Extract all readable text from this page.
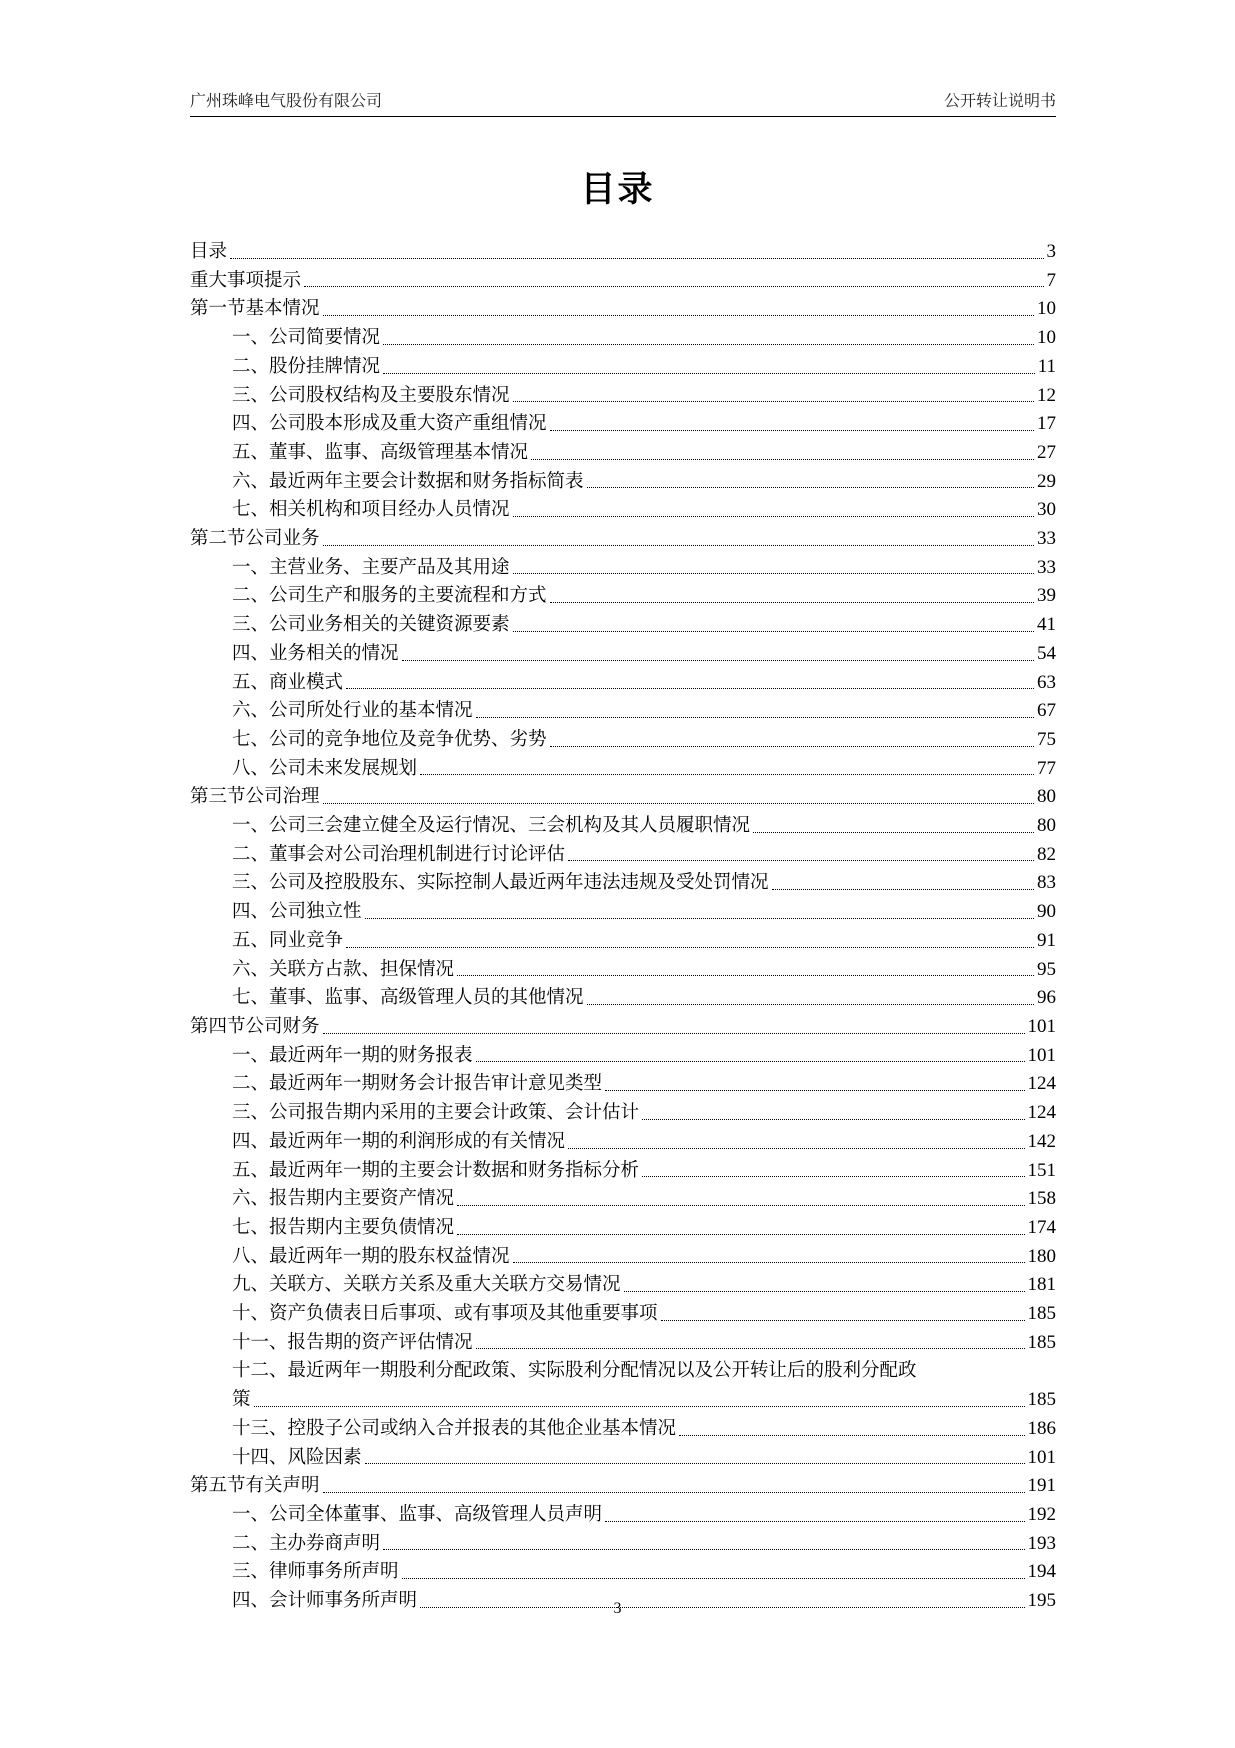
广州珠峰电气股份有限公司	公开转让说明书
目录
目录	3
重大事项提示	7
第一节基本情况	10
一、公司简要情况	10
二、股份挂牌情况	11
三、公司股权结构及主要股东情况	12
四、公司股本形成及重大资产重组情况	17
五、董事、监事、高级管理基本情况	27
六、最近两年主要会计数据和财务指标简表	29
七、相关机构和项目经办人员情况	30
第二节公司业务	33
一、主营业务、主要产品及其用途	33
二、公司生产和服务的主要流程和方式	39
三、公司业务相关的关键资源要素	41
四、业务相关的情况	54
五、商业模式	63
六、公司所处行业的基本情况	67
七、公司的竞争地位及竞争优势、劣势	75
八、公司未来发展规划	77
第三节公司治理	80
一、公司三会建立健全及运行情况、三会机构及其人员履职情况	80
二、董事会对公司治理机制进行讨论评估	82
三、公司及控股股东、实际控制人最近两年违法违规及受处罚情况	83
四、公司独立性	90
五、同业竞争	91
六、关联方占款、担保情况	95
七、董事、监事、高级管理人员的其他情况	96
第四节公司财务	101
一、最近两年一期的财务报表	101
二、最近两年一期财务会计报告审计意见类型	124
三、公司报告期内采用的主要会计政策、会计估计	124
四、最近两年一期的利润形成的有关情况	142
五、最近两年一期的主要会计数据和财务指标分析	151
六、报告期内主要资产情况	158
七、报告期内主要负债情况	174
八、最近两年一期的股东权益情况	180
九、关联方、关联方关系及重大关联方交易情况	181
十、资产负债表日后事项、或有事项及其他重要事项	185
十一、报告期的资产评估情况	185
十二、最近两年一期股利分配政策、实际股利分配情况以及公开转让后的股利分配政
策	185
十三、控股子公司或纳入合并报表的其他企业基本情况	186
十四、风险因素	101
第五节有关声明	191
一、公司全体董事、监事、高级管理人员声明	192
二、主办券商声明	193
三、律师事务所声明	194
四、会计师事务所声明	195
3
